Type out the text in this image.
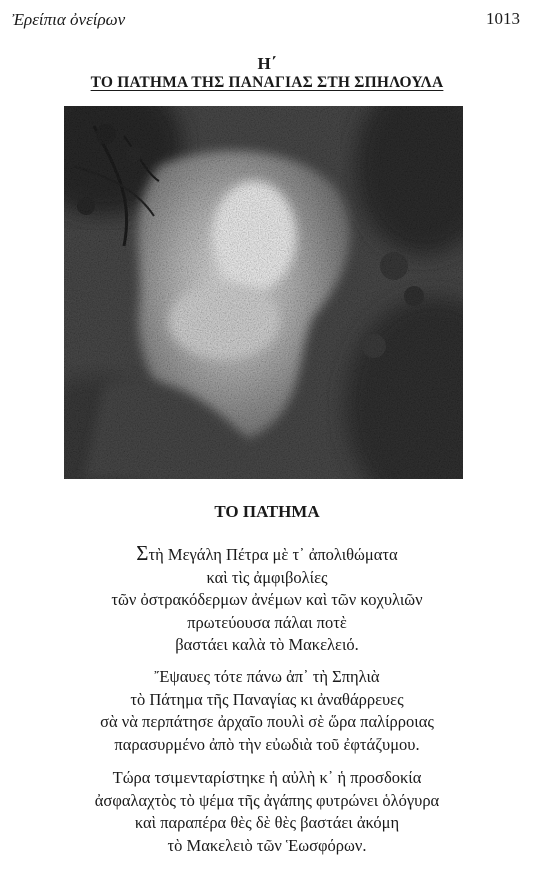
Ἐρείπια ὀνείρων	1013
Η΄
ΤΟ ΠΑΤΗΜΑ ΤΗΣ ΠΑΝΑΓΙΑΣ ΣΤΗ ΣΠΗΛΟΥΛΑ
ΤΟ ΠΑΤΗΜΑ
Στὴ Μεγάλη Πέτρα μὲ τ᾿ ἀπολιθώματα
καὶ τὶς ἀμφιβολίες
τῶν ὀστρακόδερμων ἀνέμων καὶ τῶν κοχυλιῶν
πρωτεύουσα πάλαι ποτὲ
βαστάει καλὰ τὸ Μακελειό.
Ἔψαυες τότε πάνω ἀπ᾿ τὴ Σπηλιὰ
τὸ Πάτημα τῆς Παναγίας κι ἀναθάρρευες
σὰ νὰ περπάτησε ἀρχαῖο πουλὶ σὲ ὥρα παλίρροιας
παρασυρμένο ἀπὸ τὴν εὐωδιὰ τοῦ ἐφτάζυμου.
Τώρα τσιμενταρίστηκε ἡ αὐλὴ κ᾿ ἡ προσδοκία
ἀσφαλαχτὸς τὸ ψέμα τῆς ἀγάπης φυτρώνει ὁλόγυρα
καὶ παραπέρα θὲς δὲ θὲς βαστάει ἀκόμη
τὸ Μακελειὸ τῶν Ἑωσφόρων.
